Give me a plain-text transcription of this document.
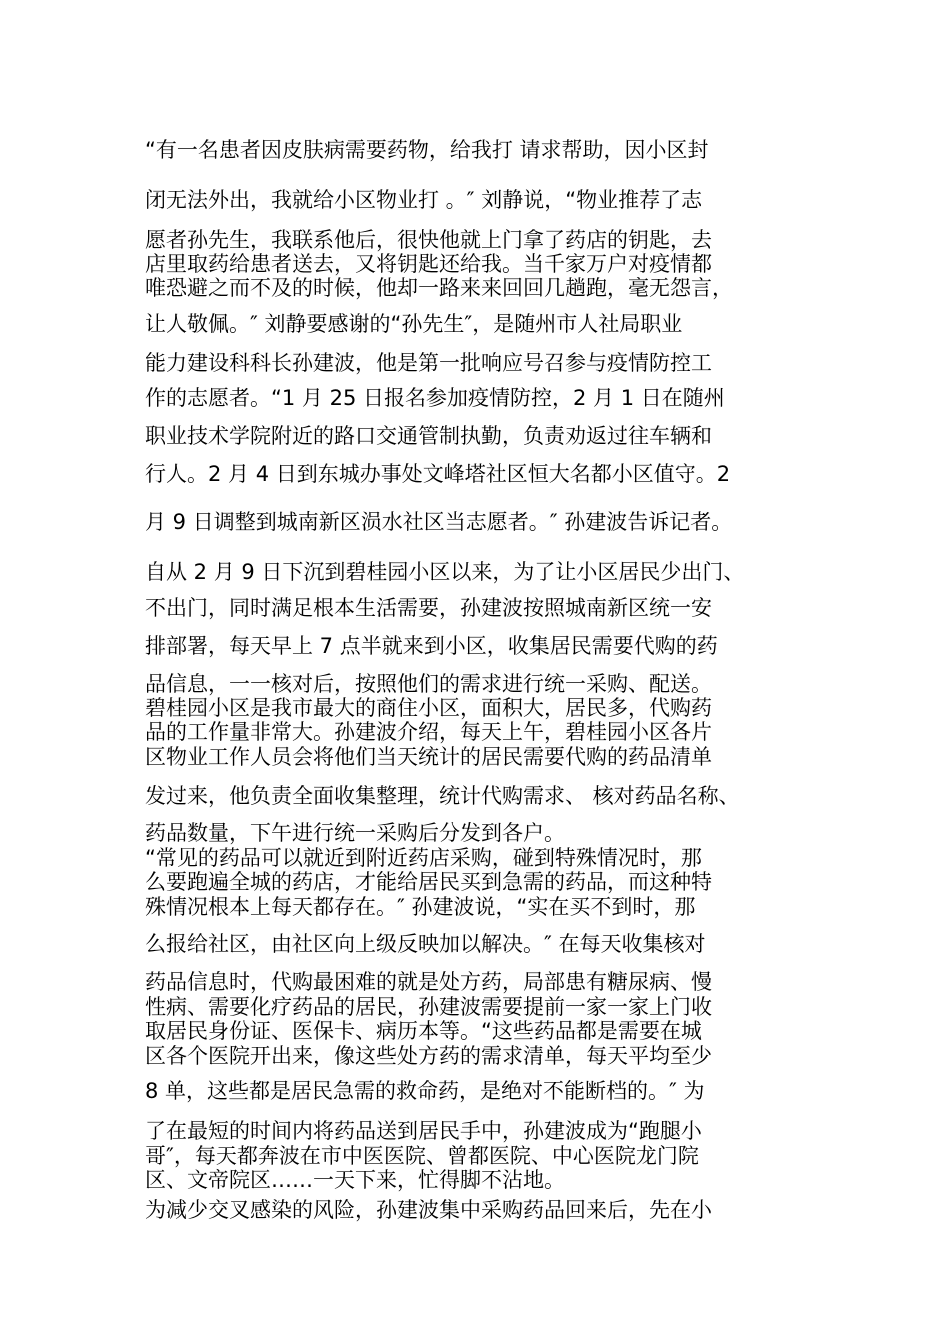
“有一名患者因皮肤病需要药物，给我打 请求帮助，因小区封
闭无法外出，我就给小区物业打 。″ 刘静说，“物业推荐了志
愿者孙先生，我联系他后，很快他就上门拿了药店的钥匙，去
店里取药给患者送去，又将钥匙还给我。当千家万户对疫情都
唯恐避之而不及的时候，他却一路来来回回几趟跑，毫无怨言，
让人敬佩。″ 刘静要感谢的“孙先生″，是随州市人社局职业
能力建设科科长孙建波，他是第一批响应号召参与疫情防控工
作的志愿者。“1 月 25 日报名参加疫情防控，2 月 1 日在随州
职业技术学院附近的路口交通管制执勤，负责劝返过往车辆和
行人。2 月 4 日到东城办事处文峰塔社区恒大名都小区值守。2
月 9 日调整到城南新区涢水社区当志愿者。″ 孙建波告诉记者。
自从 2 月 9 日下沉到碧桂园小区以来，为了让小区居民少出门、
不出门，同时满足根本生活需要，孙建波按照城南新区统一安
排部署，每天早上 7 点半就来到小区，收集居民需要代购的药
品信息，一一核对后，按照他们的需求进行统一采购、配送。
碧桂园小区是我市最大的商住小区，面积大，居民多，代购药
品的工作量非常大。孙建波介绍，每天上午，碧桂园小区各片
区物业工作人员会将他们当天统计的居民需要代购的药品清单
发过来，他负责全面收集整理，统计代购需求、 核对药品名称、
药品数量，下午进行统一采购后分发到各户。
“常见的药品可以就近到附近药店采购，碰到特殊情况时，那
么要跑遍全城的药店，才能给居民买到急需的药品，而这种特
殊情况根本上每天都存在。″ 孙建波说，“实在买不到时，那
么报给社区，由社区向上级反映加以解决。″ 在每天收集核对
药品信息时，代购最困难的就是处方药，局部患有糖尿病、慢
性病、需要化疗药品的居民，孙建波需要提前一家一家上门收
取居民身份证、医保卡、病历本等。“这些药品都是需要在城
区各个医院开出来，像这些处方药的需求清单，每天平均至少
8 单，这些都是居民急需的救命药，是绝对不能断档的。″ 为
了在最短的时间内将药品送到居民手中，孙建波成为“跑腿小
哥″，每天都奔波在市中医医院、曾都医院、中心医院龙门院
区、文帝院区……一天下来，忙得脚不沾地。
为减少交叉感染的风险，孙建波集中采购药品回来后，先在小
